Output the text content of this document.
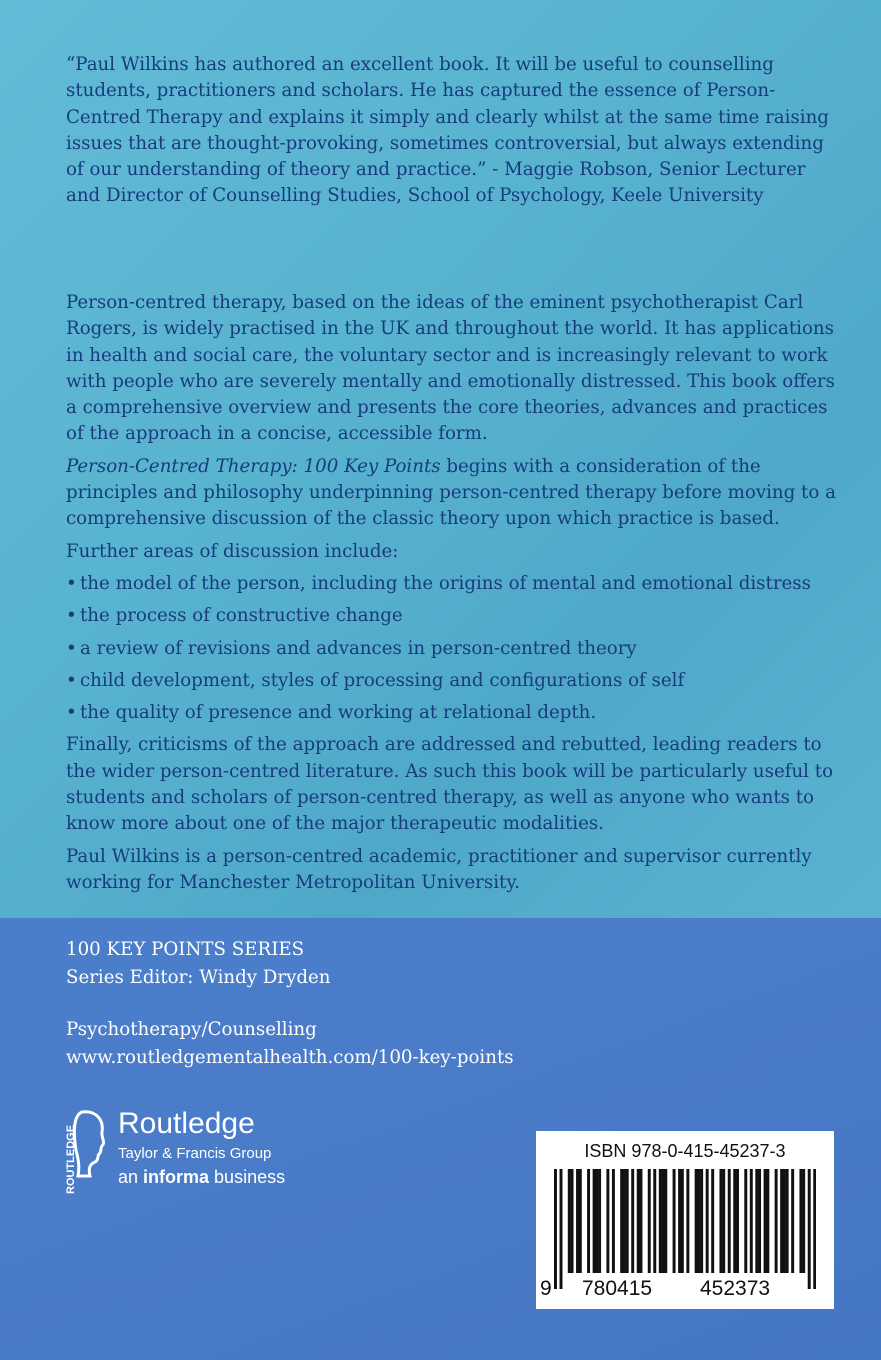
“Paul Wilkins has authored an excellent book. It will be useful to counselling students, practitioners and scholars. He has captured the essence of Person-Centred Therapy and explains it simply and clearly whilst at the same time raising issues that are thought-provoking, sometimes controversial, but always extending of our understanding of theory and practice.” - Maggie Robson, Senior Lecturer and Director of Counselling Studies, School of Psychology, Keele University

Person-centred therapy, based on the ideas of the eminent psychotherapist Carl Rogers, is widely practised in the UK and throughout the world. It has applications in health and social care, the voluntary sector and is increasingly relevant to work with people who are severely mentally and emotionally distressed. This book offers a comprehensive overview and presents the core theories, advances and practices of the approach in a concise, accessible form.

Person-Centred Therapy: 100 Key Points begins with a consideration of the principles and philosophy underpinning person-centred therapy before moving to a comprehensive discussion of the classic theory upon which practice is based.

Further areas of discussion include:

• the model of the person, including the origins of mental and emotional distress
• the process of constructive change
• a review of revisions and advances in person-centred theory
• child development, styles of processing and configurations of self
• the quality of presence and working at relational depth.

Finally, criticisms of the approach are addressed and rebutted, leading readers to the wider person-centred literature. As such this book will be particularly useful to students and scholars of person-centred therapy, as well as anyone who wants to know more about one of the major therapeutic modalities.

Paul Wilkins is a person-centred academic, practitioner and supervisor currently working for Manchester Metropolitan University.

100 KEY POINTS SERIES
Series Editor: Windy Dryden
Psychotherapy/Counselling
www.routledgementalhealth.com/100-key-points
ROUTLEDGE
Routledge
Taylor & Francis Group
an informa business
ISBN 978-0-415-45237-3
9 780415 452373
